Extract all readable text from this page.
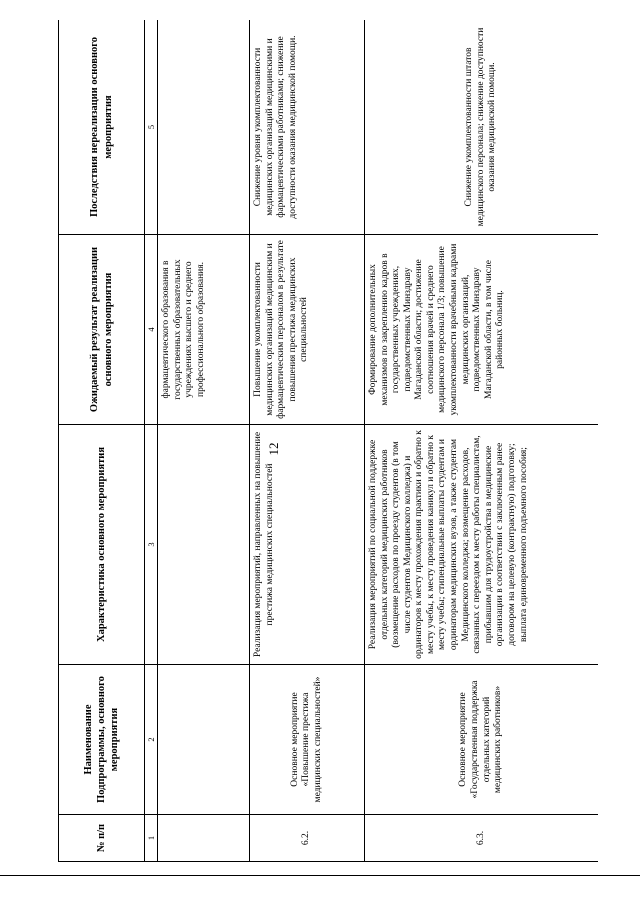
12
№ п/п
Наименование Подпрограммы, основного мероприятия
Характеристика основного мероприятия
Ожидаемый результат реализации основного мероприятия
Последствия нереализации основного мероприятия
1
2
3
4
5
фармацевтического образования в государственных образовательных учреждениях высшего и среднего профессионального образования.
6.2.
Основное мероприятие «Повышение престижа медицинских специальностей»
Реализация мероприятий, направленных на повышение престижа медицинских специальностей
Повышение укомплектованности медицинских организаций медицинским и фармацевтическим персоналом в результате повышения престижа медицинских специальностей
Снижение уровня укомплектованности медицинских организаций медицинскими и фармацевтическими работниками; снижение доступности оказания медицинской помощи.
6.3.
Основное мероприятие «Государственная поддержка отдельных категорий медицинских работников»
Реализация мероприятий по социальной поддержке отдельных категорий медицинских работников (возмещение расходов по проезду студентов (в том числе студентов Медицинского колледжа) и ординаторов к месту прохождения практики и обратно к месту учебы, к месту проведения каникул и обратно к месту учебы; стипендиальные выплаты студентам и ординаторам медицинских вузов, а также студентам Медицинского колледжа; возмещение расходов, связанных с переездом к месту работы специалистам, прибывшим для трудоустройства в медицинские организации в соответствии с заключенным ранее договором на целевую (контрактную) подготовку; выплата единовременного подъемного пособия;
Формирование дополнительных механизмов по закреплению кадров в государственных учреждениях, подведомственных Минздраву Магаданской области; достижение соотношения врачей и среднего медицинского персонала 1/3; повышение укомплектованности врачебными кадрами медицинских организаций, подведомственных Минздраву Магаданской области, в том числе районных больниц.
Снижение укомплектованности штатов медицинского персонала; снижение доступности оказания медицинской помощи.
